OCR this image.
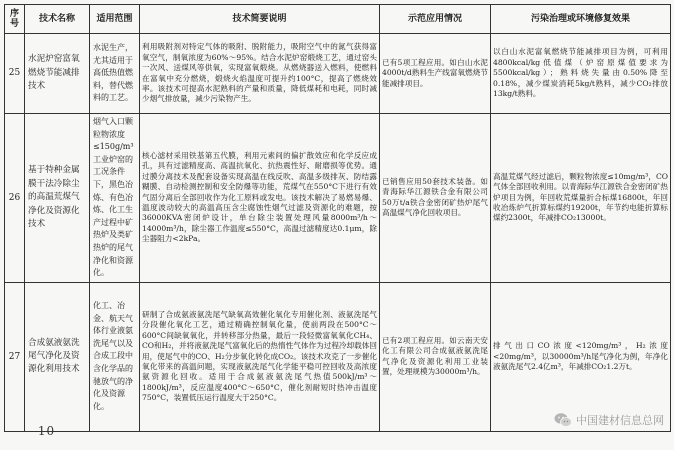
序号	技术名称	适用范围	技术简要说明	示范应用情况	污染治理或环境修复效果
25	水泥炉窑富氧燃烧节能减排技术	水泥生产，尤其适用于高低热值燃料，替代燃料的工艺。	利用吸附剂对特定气体的吸附、脱附能力，吸附空气中的氮气获得富氧空气，制氧浓度为60%～95%。结合水泥炉窑煅烧工艺，通过窑头一次风、送煤风等供氧，实现富氧煅烧。从燃烧器送入燃料，使燃料在富氧中充分燃烧，煅烧火焰温度可提升约100°C，提高了燃烧效率。该技术可提高水泥熟料的产量和质量，降低煤耗和电耗，同时减少烟气排放量，减少污染物产生。	已有5项工程应用。如白山水泥4000t/d熟料生产线富氧燃烧节能减排项目。	以白山水泥富氧燃烧节能减排项目为例，可利用4800kcal/kg低值煤（炉窑原煤值要求为5500kcal/kg）；熟料烧失量由0.50%降至0.18%，减少煤炭消耗5kg/t熟料，减少CO₂排放13kg/t熟料。
26	基于特种金属膜干法冷除尘的高温荒煤气净化及资源化技术	烟气入口颗粒物浓度≤150g/m³工业炉窑的工况条件下，黑色冶炼、有色冶炼、化工生产过程中矿热炉及类矿热炉的尾气净化和资源化。	核心滤材采用铁基第五代膜，利用元素间的偏扩散效应和化学反应成孔，具有过滤精度高、高温抗氧化、抗热震性好、耐磨损等优势。通过膜分离技术及配套设备实现高温在线反吹、高温多级排灰、防结露糊膜、自动检测控制和安全防爆等功能，荒煤气在550°C下进行有效气固分离后全部回收作为化工原料或发电。该技术解决了易燃易爆、温度波动较大的高温高压含尘腐蚀性烟气过滤及资源化的难题，按36000KVA密闭炉设计，单台除尘装置处理风量8000m³/h～14000m³/h，除尘器工作温度≤550°C，高温过滤精度达0.1μm，除尘器阻力<2kPa。	已销售应用50套技术装备。如青海际华江源铁合金有限公司50万t/a铁合金密闭矿热炉尾气高温煤气净化回收项目。	高温荒煤气经过滤后，颗粒物浓度≤10mg/m³，CO气体全部回收利用。以青海际华江源铁合金密闭矿热炉项目为例，年回收荒煤量折合标煤16800t，年回收冶炼炉气折算标煤约19200t，年节约电能折算标煤约2300t，年减排CO₂13000t。
27	合成氨液氨洗尾气净化及资源化利用技术	化工、冶金、航天气体行业液氨洗尾气以及合成工段中含化学品的驰放气的净化及资源化。	研制了合成氨液氨洗尾气缺氧高效催化氧化专用催化剂、液氨洗尾气分段催化氧化工艺，通过精确控制氧化量，使前两段在500°C～600°C间缺氧氧化，并转移部分热量，最后一段轻微富氧氧化CH₄、CO和H₂，并将液氨洗尾气富氧化后的热惰性气体作为过程冷却载体回用，使尾气中的CO、H₂分步氧化转化成CO₂。该技术攻克了一步催化氧化带来的高温问题，实现液氨洗尾气化学能平稳可控回收及高浓度氨资源化回收。适用于合成氨液氨洗尾气热值500kJ/m³～1800kJ/m³，反应温度400°C～650°C，催化剂耐短时热冲击温度750°C，装置低压运行温度大于250°C。	已有2项工程应用。如云南天安化工有限公司合成氨液氨洗尾气净化及资源化利用工业装置，处理规模为30000m³/h。	排气出口CO浓度<120mg/m³，H₂浓度<20mg/m³，以30000m³/h尾气净化为例，年净化液氨洗尾气2.4亿m³，年减排CO₂1.2万t。
— 10 —
中国建材信息总网
